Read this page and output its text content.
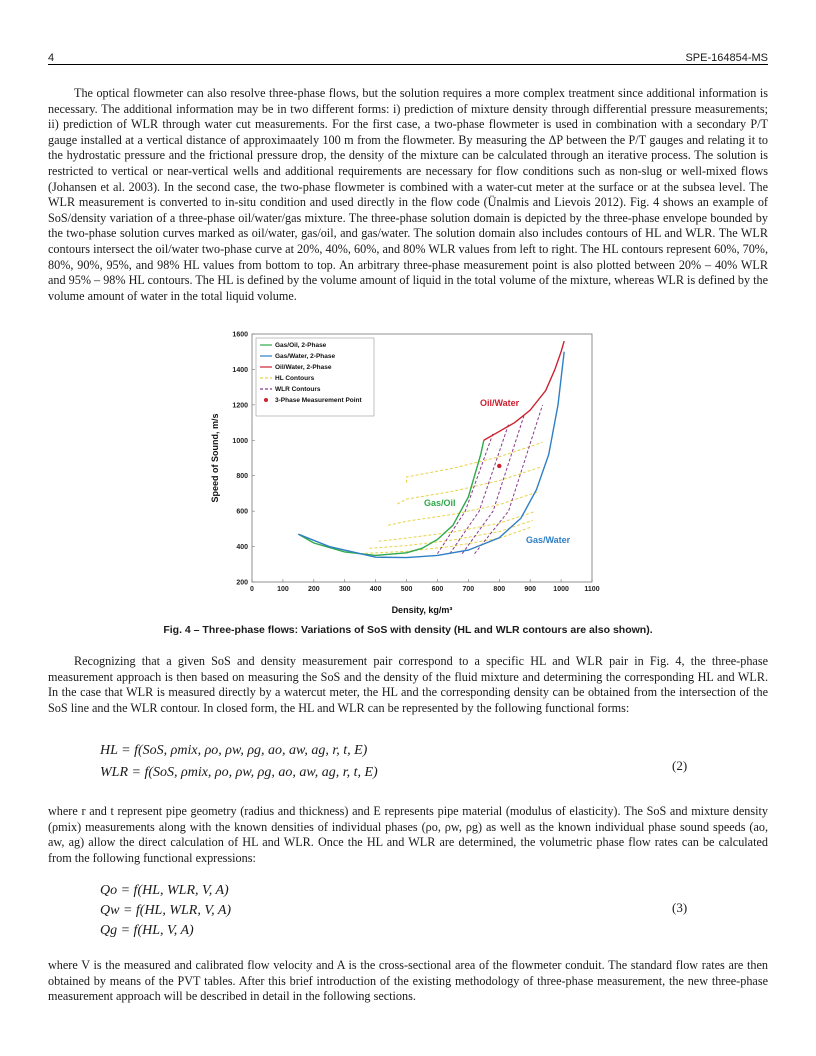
4	SPE-164854-MS
The optical flowmeter can also resolve three-phase flows, but the solution requires a more complex treatment since additional information is necessary. The additional information may be in two different forms: i) prediction of mixture density through differential pressure measurements; ii) prediction of WLR through water cut measurements. For the first case, a two-phase flowmeter is used in combination with a secondary P/T gauge installed at a vertical distance of approximaately 100 m from the flowmeter. By measuring the ΔP between the P/T gauges and relating it to the hydrostatic pressure and the frictional pressure drop, the density of the mixture can be calculated through an iterative process. The solution is restricted to vertical or near-vertical wells and additional requirements are necessary for flow conditions such as non-slug or well-mixed flows (Johansen et al. 2003). In the second case, the two-phase flowmeter is combined with a water-cut meter at the surface or at the subsea level. The WLR measurement is converted to in-situ condition and used directly in the flow code (Ünalmis and Lievois 2012). Fig. 4 shows an example of SoS/density variation of a three-phase oil/water/gas mixture. The three-phase solution domain is depicted by the three-phase envelope bounded by the two-phase solution curves marked as oil/water, gas/oil, and gas/water. The solution domain also includes contours of HL and WLR. The WLR contours intersect the oil/water two-phase curve at 20%, 40%, 60%, and 80% WLR values from left to right. The HL contours represent 60%, 70%, 80%, 90%, 95%, and 98% HL values from bottom to top. An arbitrary three-phase measurement point is also plotted between 20% – 40% WLR and 95% – 98% HL contours. The HL is defined by the volume amount of liquid in the total volume of the mixture, whereas WLR is defined by the volume amount of water in the total liquid volume.
200
400
600
800
1000
1200
1400
1600
0	100	200	300	400	500	600	700	800	900 1000 1100
Speed of Sound, m/s
Density, kg/m³
Oil/Water
Gas/Oil
Gas/Water
Gas/Oil, 2-Phase
Gas/Water, 2-Phase
Oil/Water, 2-Phase
HL Contours
WLR Contours
3-Phase Measurement Point
Fig. 4 – Three-phase flows: Variations of SoS with density (HL and WLR contours are also shown).
Recognizing that a given SoS and density measurement pair correspond to a specific HL and WLR pair in Fig. 4, the three-phase measurement approach is then based on measuring the SoS and the density of the fluid mixture and determining the corresponding HL and WLR. In the case that WLR is measured directly by a watercut meter, the HL and the corresponding density can be obtained from the intersection of the SoS line and the WLR contour. In closed form, the HL and WLR can be represented by the following functional forms:
HL = f(SoS, ρmix, ρo, ρw, ρg, ao, aw, ag, r, t, E)
WLR = f(SoS, ρmix, ρo, ρw, ρg, ao, aw, ag, r, t, E)	(2)
where r and t represent pipe geometry (radius and thickness) and E represents pipe material (modulus of elasticity). The SoS and mixture density (ρmix) measurements along with the known densities of individual phases (ρo, ρw, ρg) as well as the known individual phase sound speeds (ao, aw, ag) allow the direct calculation of HL and WLR. Once the HL and WLR are determined, the volumetric phase flow rates can be calculated from the following functional expressions:
Qo = f(HL, WLR, V, A)
Qw = f(HL, WLR, V, A)
Qg = f(HL, V, A)
(3)
where V is the measured and calibrated flow velocity and A is the cross-sectional area of the flowmeter conduit. The standard flow rates are then obtained by means of the PVT tables. After this brief introduction of the existing methodology of three-phase measurement, the new three-phase measurement approach will be described in detail in the following sections.
